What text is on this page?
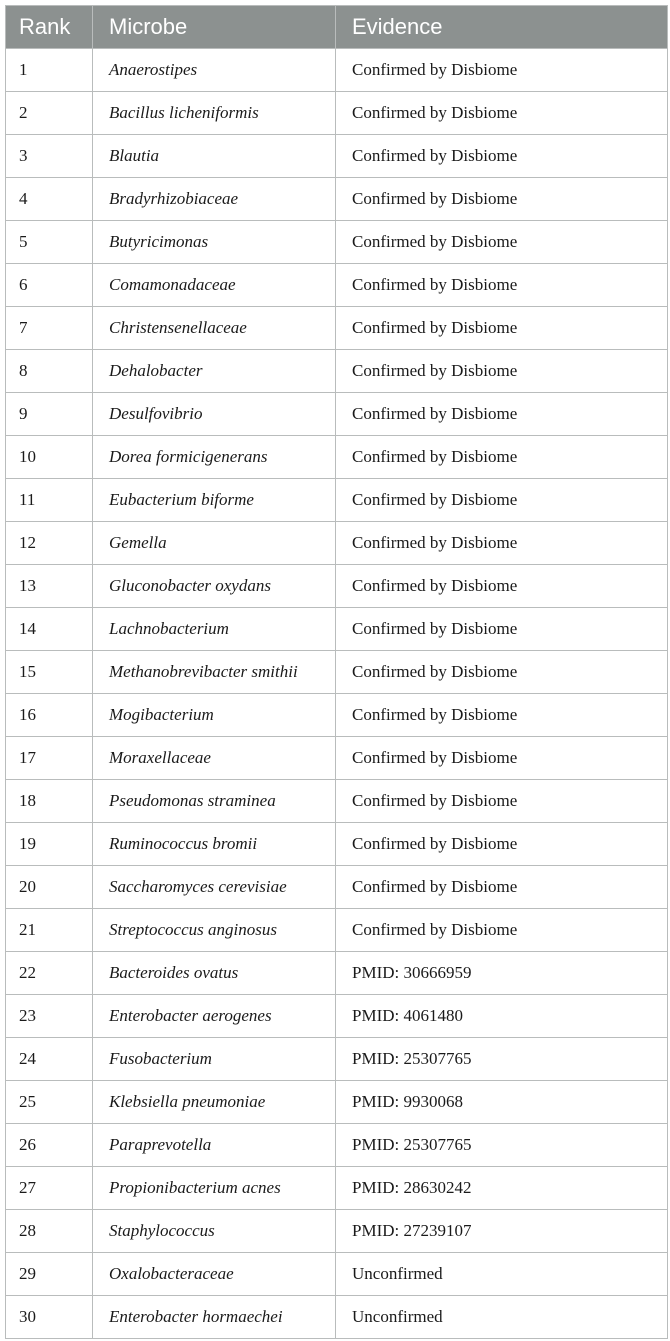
Rank	Microbe	Evidence
1	Anaerostipes	Confirmed by Disbiome
2	Bacillus licheniformis	Confirmed by Disbiome
3	Blautia	Confirmed by Disbiome
4	Bradyrhizobiaceae	Confirmed by Disbiome
5	Butyricimonas	Confirmed by Disbiome
6	Comamonadaceae	Confirmed by Disbiome
7	Christensenellaceae	Confirmed by Disbiome
8	Dehalobacter	Confirmed by Disbiome
9	Desulfovibrio	Confirmed by Disbiome
10	Dorea formicigenerans	Confirmed by Disbiome
11	Eubacterium biforme	Confirmed by Disbiome
12	Gemella	Confirmed by Disbiome
13	Gluconobacter oxydans	Confirmed by Disbiome
14	Lachnobacterium	Confirmed by Disbiome
15	Methanobrevibacter smithii	Confirmed by Disbiome
16	Mogibacterium	Confirmed by Disbiome
17	Moraxellaceae	Confirmed by Disbiome
18	Pseudomonas straminea	Confirmed by Disbiome
19	Ruminococcus bromii	Confirmed by Disbiome
20	Saccharomyces cerevisiae	Confirmed by Disbiome
21	Streptococcus anginosus	Confirmed by Disbiome
22	Bacteroides ovatus	PMID: 30666959
23	Enterobacter aerogenes	PMID: 4061480
24	Fusobacterium	PMID: 25307765
25	Klebsiella pneumoniae	PMID: 9930068
26	Paraprevotella	PMID: 25307765
27	Propionibacterium acnes	PMID: 28630242
28	Staphylococcus	PMID: 27239107
29	Oxalobacteraceae	Unconfirmed
30	Enterobacter hormaechei	Unconfirmed
